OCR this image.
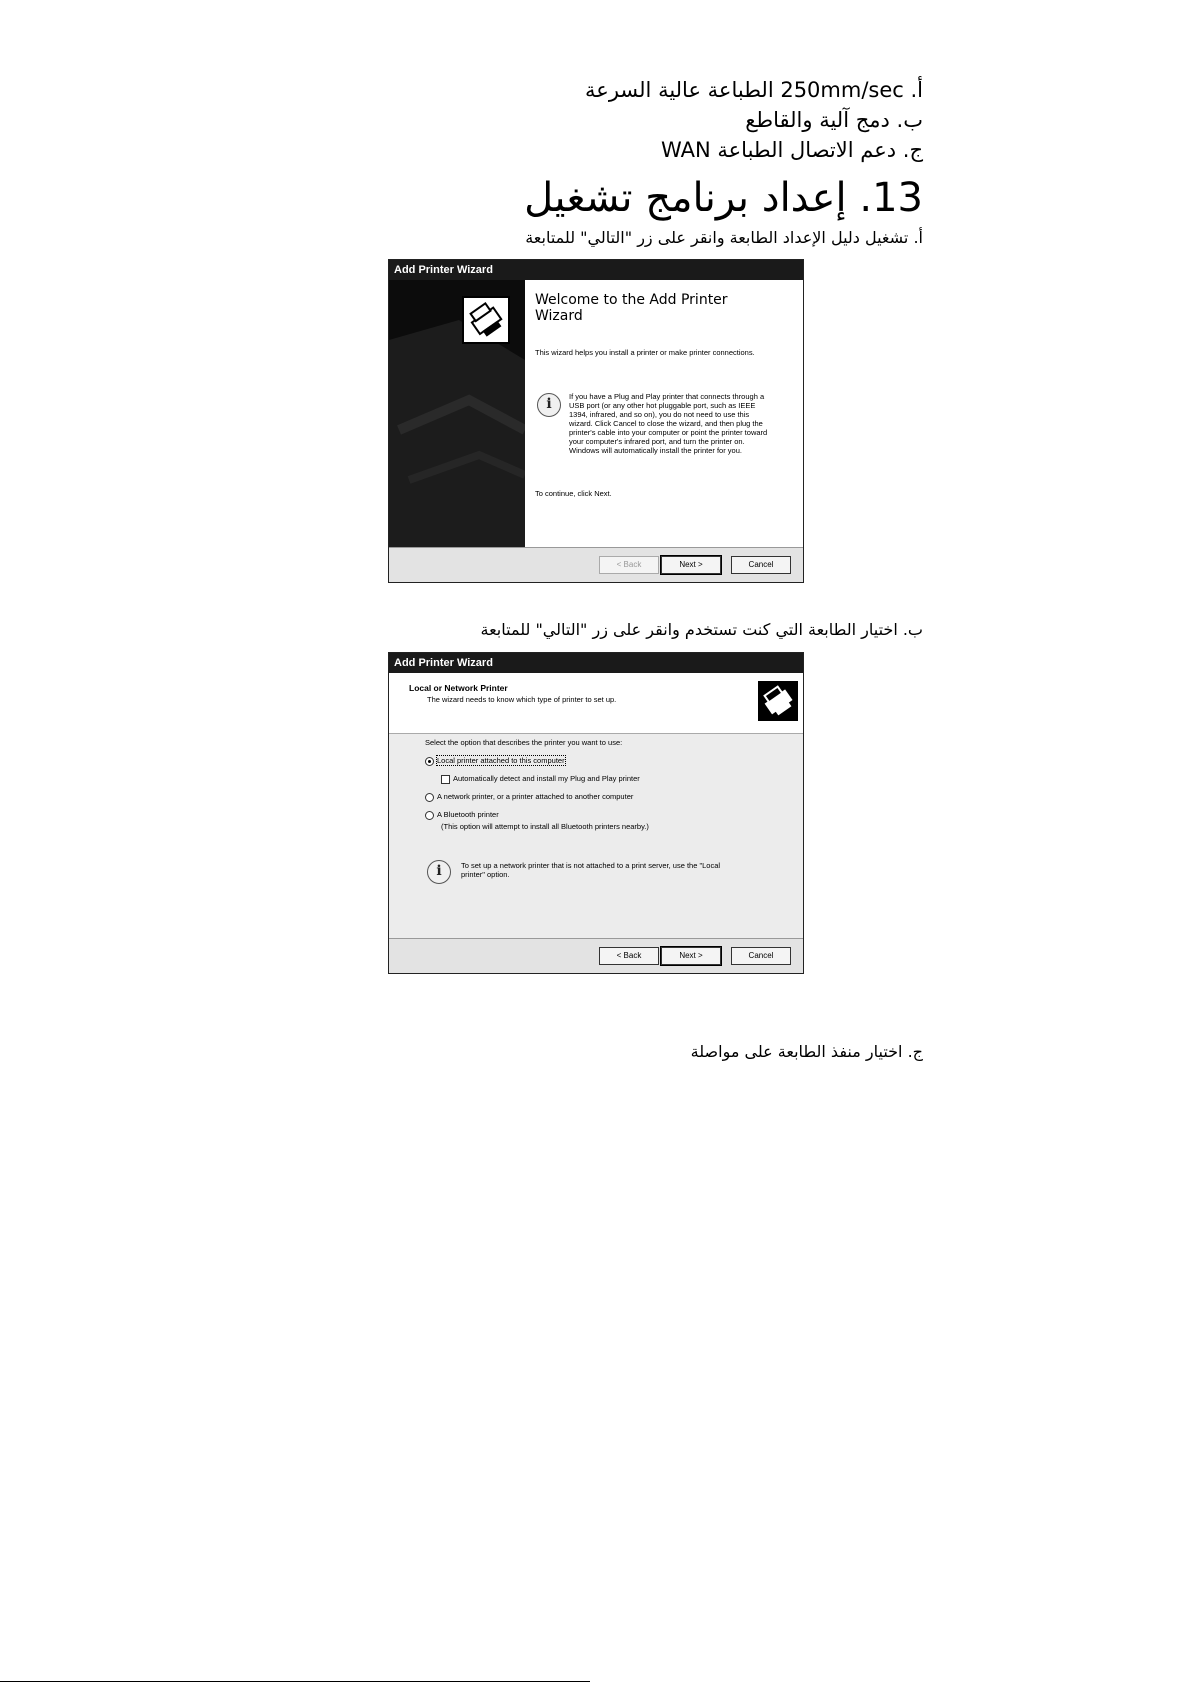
أ. 250mm/sec الطباعة عالية السرعة
ب. دمج آلية والقاطع
ج. دعم الاتصال الطباعة WAN
13. إعداد برنامج تشغيل
أ. تشغيل دليل الإعداد الطابعة وانقر على زر "التالي" للمتابعة
Add Printer Wizard
Welcome to the Add Printer Wizard
This wizard helps you install a printer or make printer connections.
i	If you have a Plug and Play printer that connects through a USB port (or any other hot pluggable port, such as IEEE 1394, infrared, and so on), you do not need to use this wizard. Click Cancel to close the wizard, and then plug the printer's cable into your computer or point the printer toward your computer's infrared port, and turn the printer on. Windows will automatically install the printer for you.
To continue, click Next.
< Back	Next >	Cancel
ب. اختيار الطابعة التي كنت تستخدم وانقر على زر "التالي" للمتابعة
Add Printer Wizard
Local or Network Printer
The wizard needs to know which type of printer to set up.
Select the option that describes the printer you want to use:
Local printer attached to this computer
Automatically detect and install my Plug and Play printer
A network printer, or a printer attached to another computer
A Bluetooth printer
(This option will attempt to install all Bluetooth printers nearby.)
i	To set up a network printer that is not attached to a print server, use the "Local printer" option.
< Back	Next >	Cancel
ج. اختيار منفذ الطابعة على مواصلة
